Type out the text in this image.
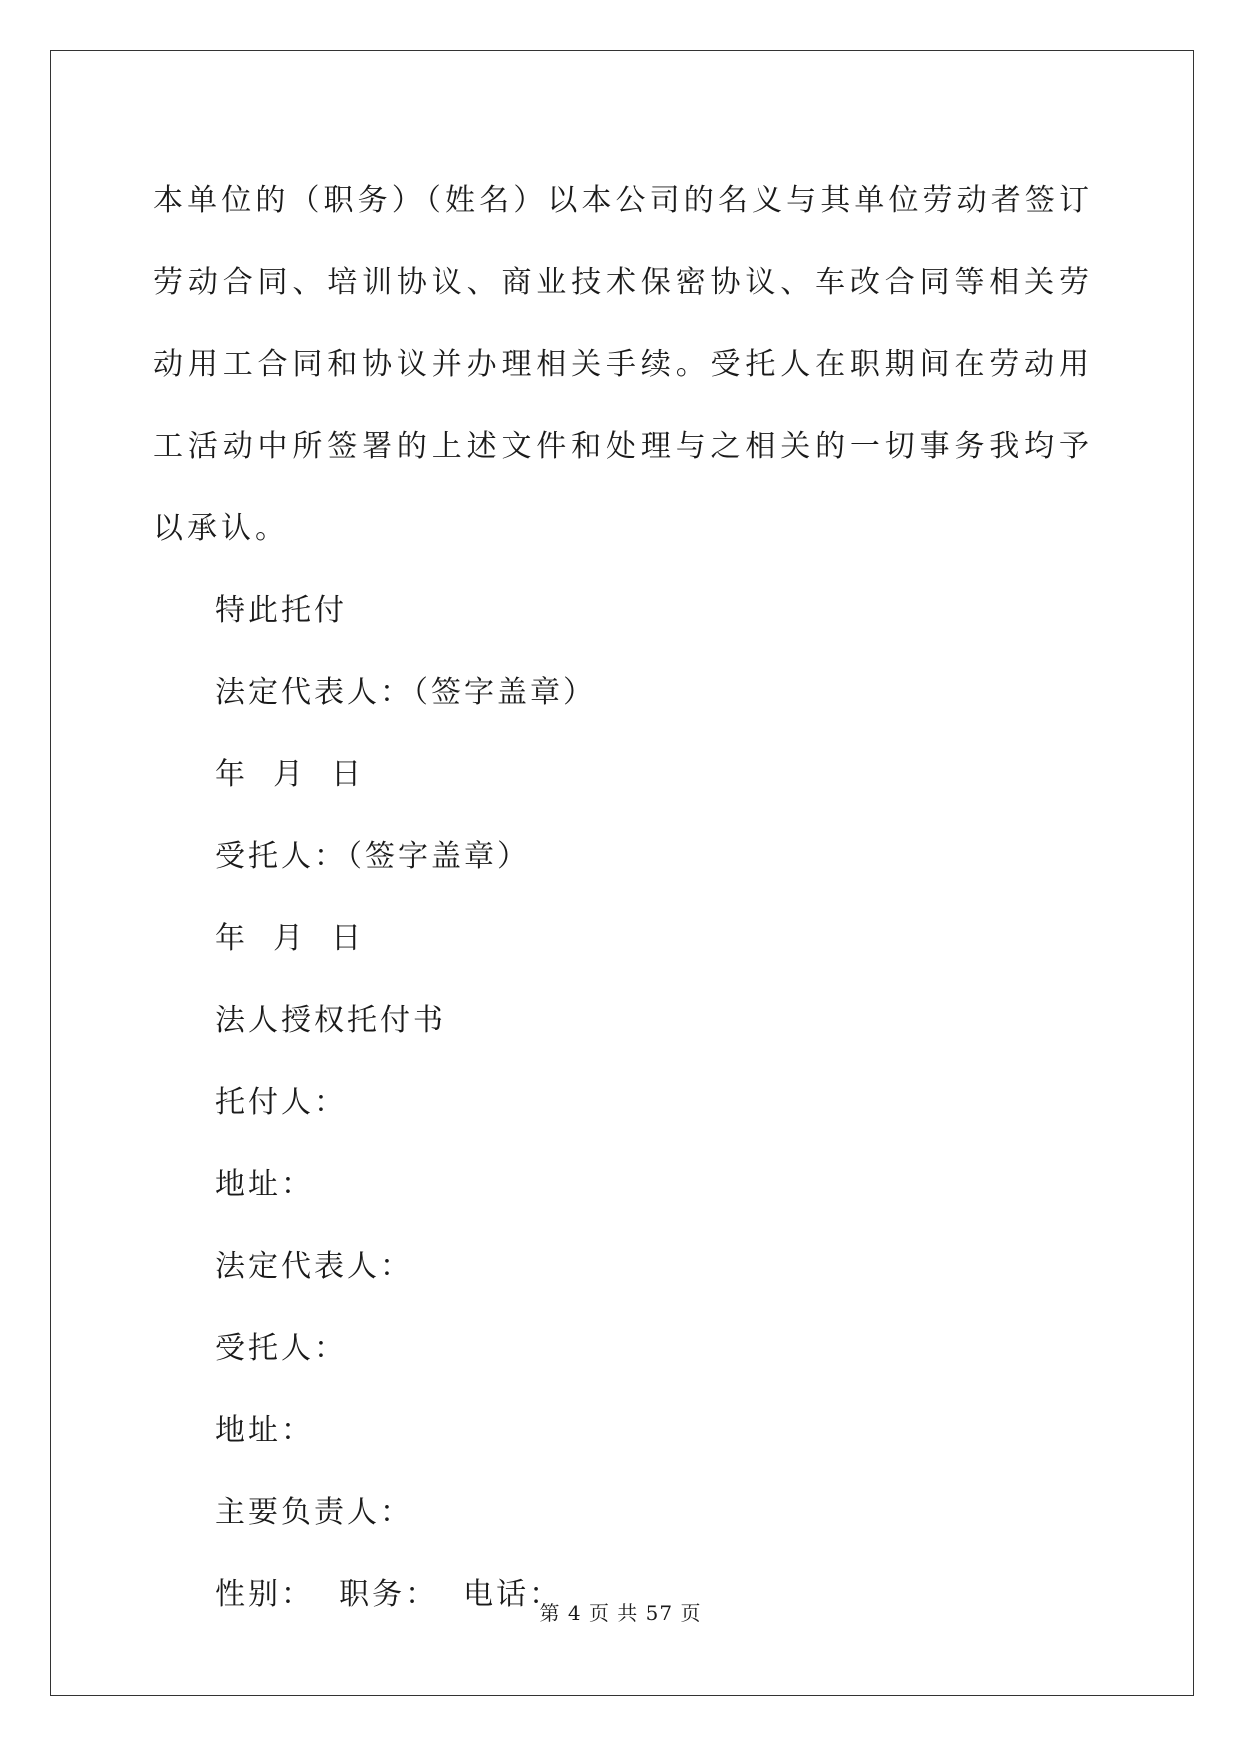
本单位的（职务）（姓名）以本公司的名义与其单位劳动者签订劳动合同、培训协议、商业技术保密协议、车改合同等相关劳动用工合同和协议并办理相关手续。受托人在职期间在劳动用工活动中所签署的上述文件和处理与之相关的一切事务我均予以承认。

特此托付

法定代表人：（签字盖章）

年  月  日

受托人：（签字盖章）

年  月  日

法人授权托付书

托付人：

地址：

法定代表人：

受托人：

地址：

主要负责人：

性别：  职务：  电话：

第 4 页 共 57 页
